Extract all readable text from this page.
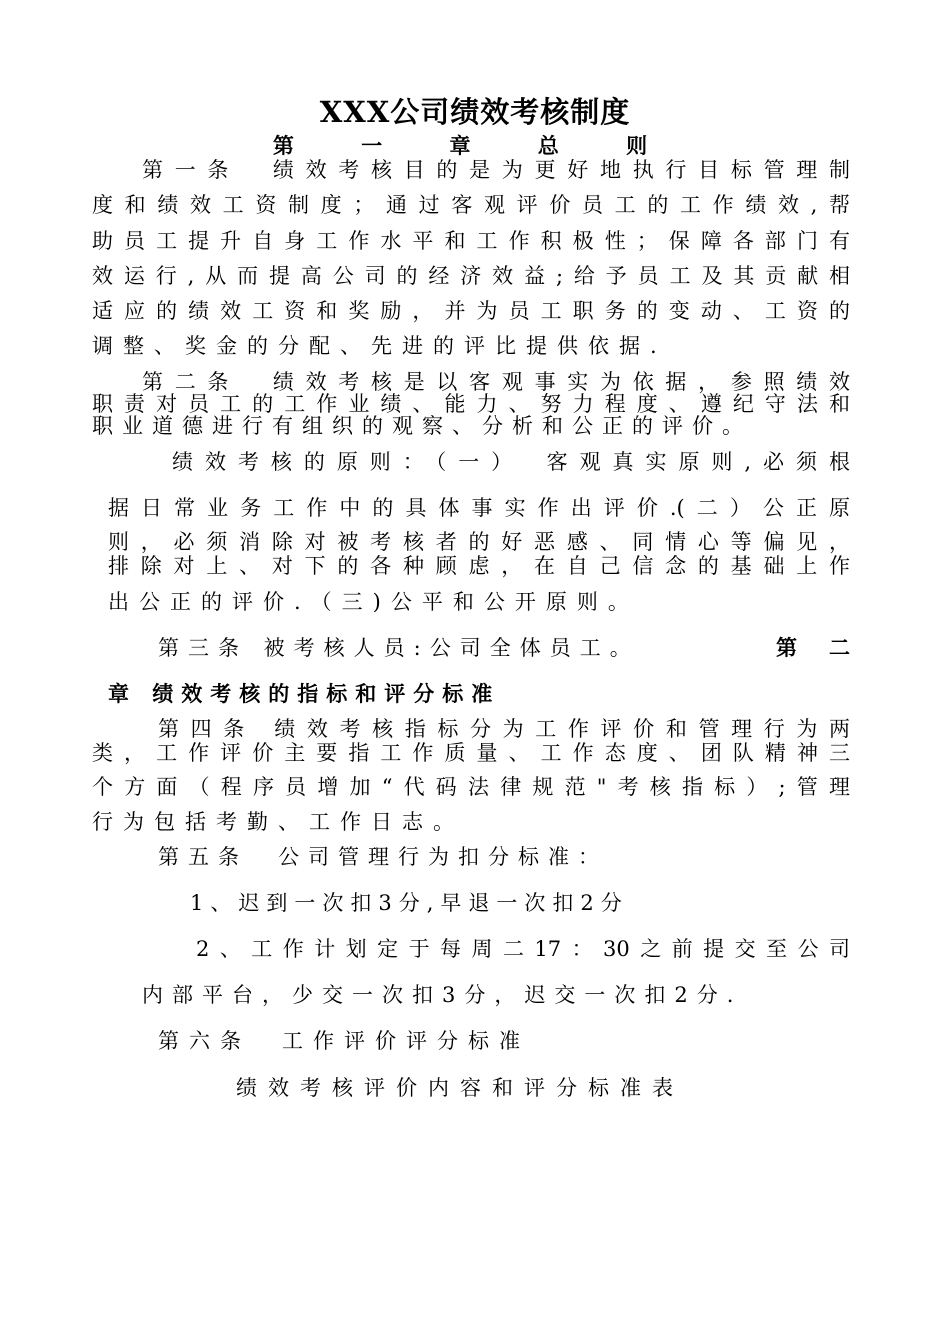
XXX公司绩效考核制度
第 一 章 总 则
第一条　绩效考核目的是为更好地执行目标管理制
度和绩效工资制度；通过客观评价员工的工作绩效,帮
助员工提升自身工作水平和工作积极性；保障各部门有
效运行,从而提高公司的经济效益;给予员工及其贡献相
适应的绩效工资和奖励，并为员工职务的变动、工资的
调整、奖金的分配、先进的评比提供依据.
第二条　绩效考核是以客观事实为依据，参照绩效
职责对员工的工作业绩、能力、努力程度、遵纪守法和
职业道德进行有组织的观察、分析和公正的评价。
绩效考核的原则：（一）　客观真实原则,必须根
据日常业务工作中的具体事实作出评价.(二）公正原
则，必须消除对被考核者的好恶感、同情心等偏见，
排除对上、对下的各种顾虑，在自己信念的基础上作
出公正的评价.（三)公平和公开原则。
第三条 被考核人员:公司全体员工。	第 二
章 绩效考核的指标和评分标准
第四条 绩效考核指标分为工作评价和管理行为两
类，工作评价主要指工作质量、工作态度、团队精神三
个方面（程序员增加“代码法律规范"考核指标）;管理
行为包括考勤、工作日志。
第五条　公司管理行为扣分标准：
1、迟到一次扣3分,早退一次扣2分
2、工作计划定于每周二17：30之前提交至公司
内部平台，少交一次扣3分，迟交一次扣2分.
第六条　工作评价评分标准
绩效考核评价内容和评分标准表
